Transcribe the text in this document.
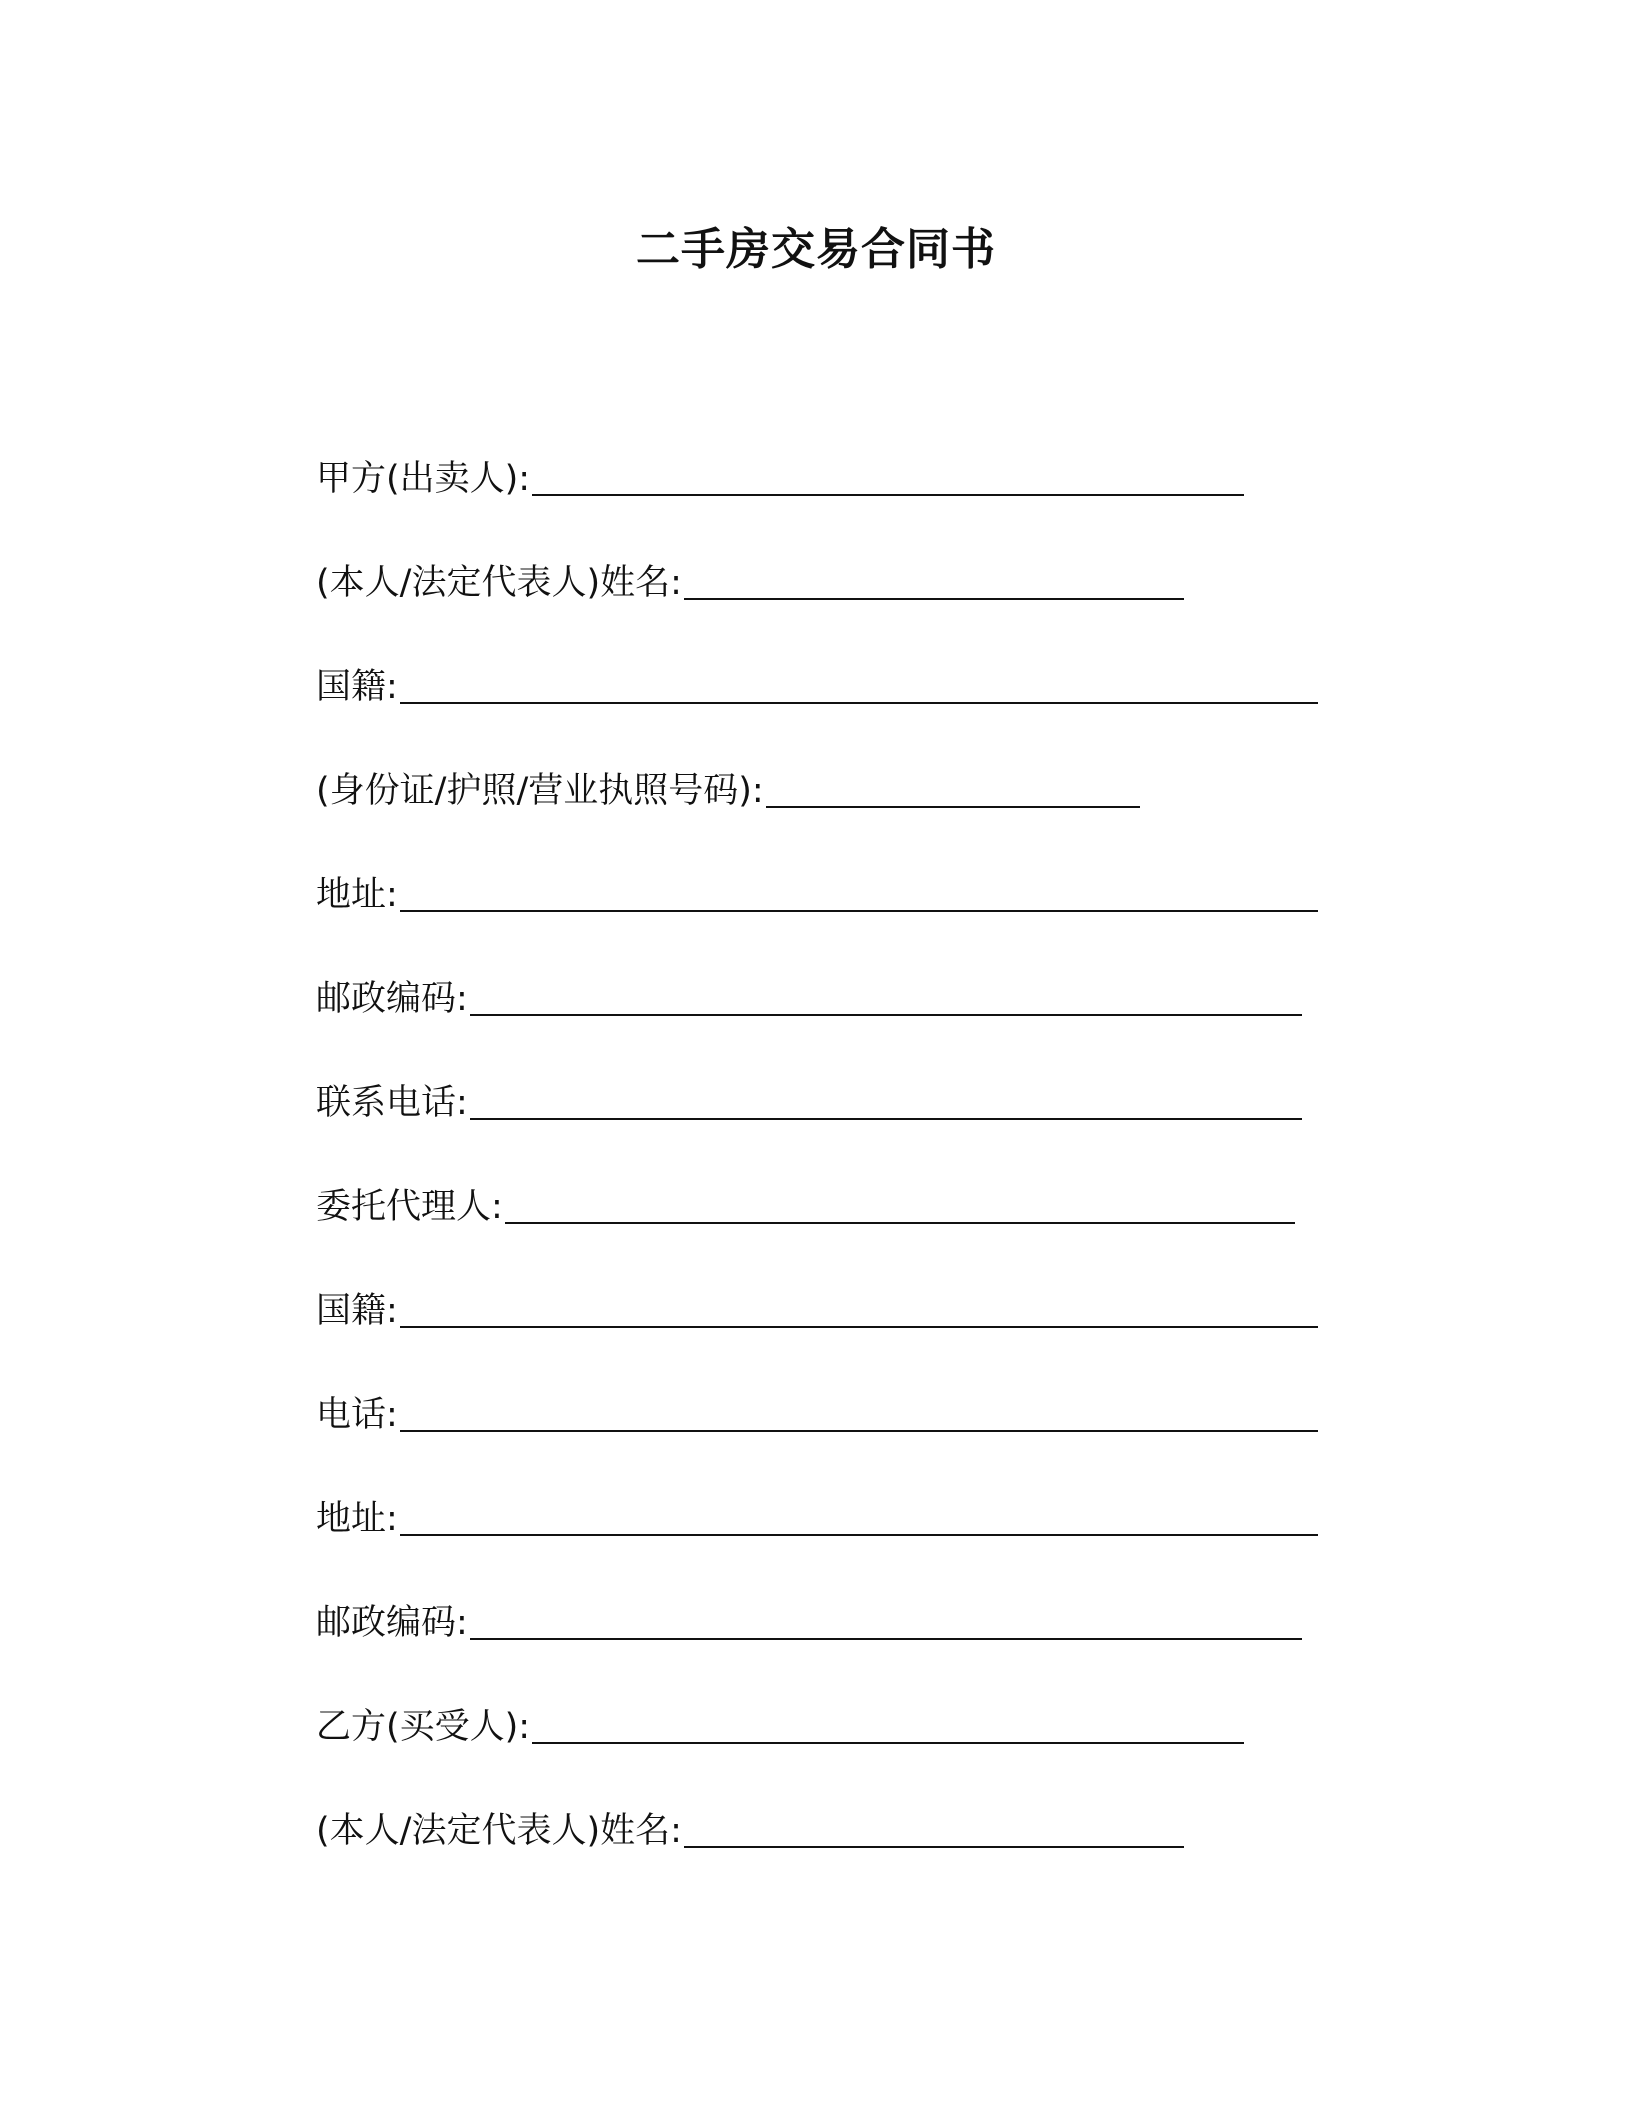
二手房交易合同书
甲方(出卖人):
(本人/法定代表人)姓名:
国籍:
(身份证/护照/营业执照号码):
地址:
邮政编码:
联系电话:
委托代理人:
国籍:
电话:
地址:
邮政编码:
乙方(买受人):
(本人/法定代表人)姓名:
